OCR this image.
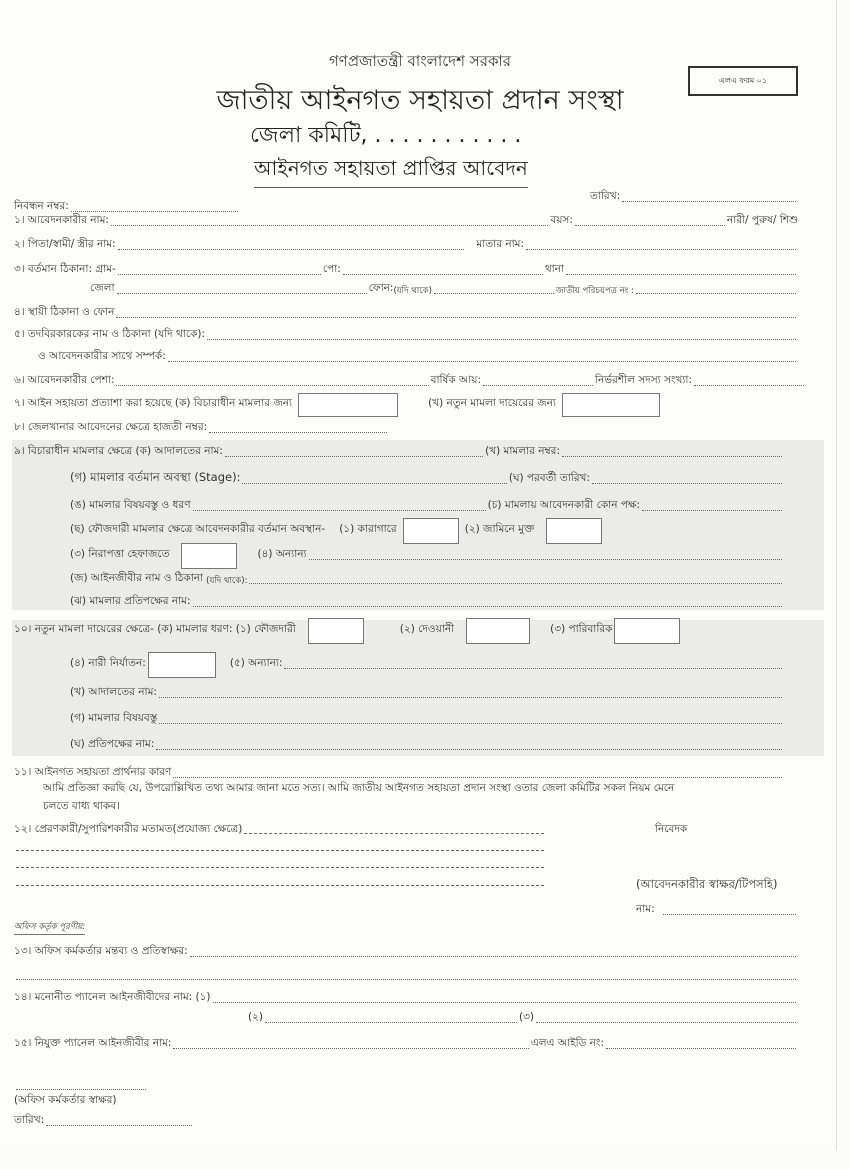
গণপ্রজাতন্ত্রী বাংলাদেশ সরকার
জাতীয় আইনগত সহায়তা প্রদান সংস্থা
জেলা কমিটি, . . . . . . . . . . .
আইনগত সহায়তা প্রাপ্তির আবেদন
এলএ ফরম ০১
তারিখ:
নিবন্ধন নম্বর:
১। আবেদনকারীর নাম:	বয়স:	নারী/ পুরুষ/ শিশু
২। পিতা/স্বামী/ স্ত্রীর নাম:	মাতার নাম:
৩। বর্তমান ঠিকানা: গ্রাম-	পো:	থানা
জেলা	ফোন: (যদি থাকে)	জাতীয় পরিচয়পত্র নং :
৪। স্থায়ী ঠিকানা ও ফোন
৫। তদবিরকারকের নাম ও ঠিকানা (যদি থাকে):
ও আবেদনকারীর সাথে সম্পর্ক:
৬। আবেদনকারীর পেশা:	বার্ষিক আয়:	নির্ভরশীল সদস্য সংখ্যা:
৭। আইন সহায়তা প্রত্যাশা করা হয়েছে (ক) বিচারাধীন মামলার জন্য	(খ) নতুন মামলা দায়েরের জন্য
৮। জেলখানার আবেদনের ক্ষেত্রে হাজতী নম্বর:
৯। বিচারাধীন মামলার ক্ষেত্রে (ক) আদালতের নাম:	(খ) মামলার নম্বর:
(গ) মামলার বর্তমান অবস্থা (Stage):	(ঘ) পরবর্তী তারিখ:
(ঙ) মামলার বিষয়বস্তু ও ধরণ	(চ) মামলায় আবেদনকারী কোন পক্ষ:
(ছ) ফৌজদারী মামলার ক্ষেত্রে আবেদনকারীর বর্তমান অবস্থান- (১) কারাগারে	(২) জামিনে মুক্ত
(৩) নিরাপত্তা হেফাজতে	(৪) অন্যান্য
(জ) আইনজীবীর নাম ও ঠিকানা (যদি থাকে):
(ঝ) মামলার প্রতিপক্ষের নাম:
১০। নতুন মামলা দায়েরের ক্ষেত্রে- (ক) মামলার ধরণ: (১) ফৌজদারী	(২) দেওয়ানী	(৩) পারিবারিক
(৪) নারী নির্যাতন:	(৫) অন্যান্য:
(খ) আদালতের নাম:
(গ) মামলার বিষয়বস্তু
(ঘ) প্রতিপক্ষের নাম:
১১। আইনগত সহায়তা প্রার্থনার কারণ
আমি প্রতিজ্ঞা করছি যে, উপরোল্লিখিত তথ্য আমার জানা মতে সত্য। আমি জাতীয় আইনগত সহায়তা প্রদান সংস্থা ওতার জেলা কমিটির সকল নিয়ম মেনে
চলতে বাধ্য থাকব।
১২। প্রেরণকারী/সুপারিশকারীর মতামত(প্রযোজ্য ক্ষেত্রে)	নিবেদক
(আবেদনকারীর স্বাক্ষর/টিপসহি)
নাম:
অফিস কর্তৃক পূরণীয়:
১৩। অফিস কর্মকর্তার মন্তব্য ও প্রতিস্বাক্ষর:
১৪। মনোনীত প্যানেল আইনজীবীদের নাম: (১)
(২)	(৩)
১৫। নিযুক্ত প্যানেল আইনজীবীর নাম:	এলএ আইডি নং:
(অফিস কর্মকর্তার স্বাক্ষর)
তারিখ:
